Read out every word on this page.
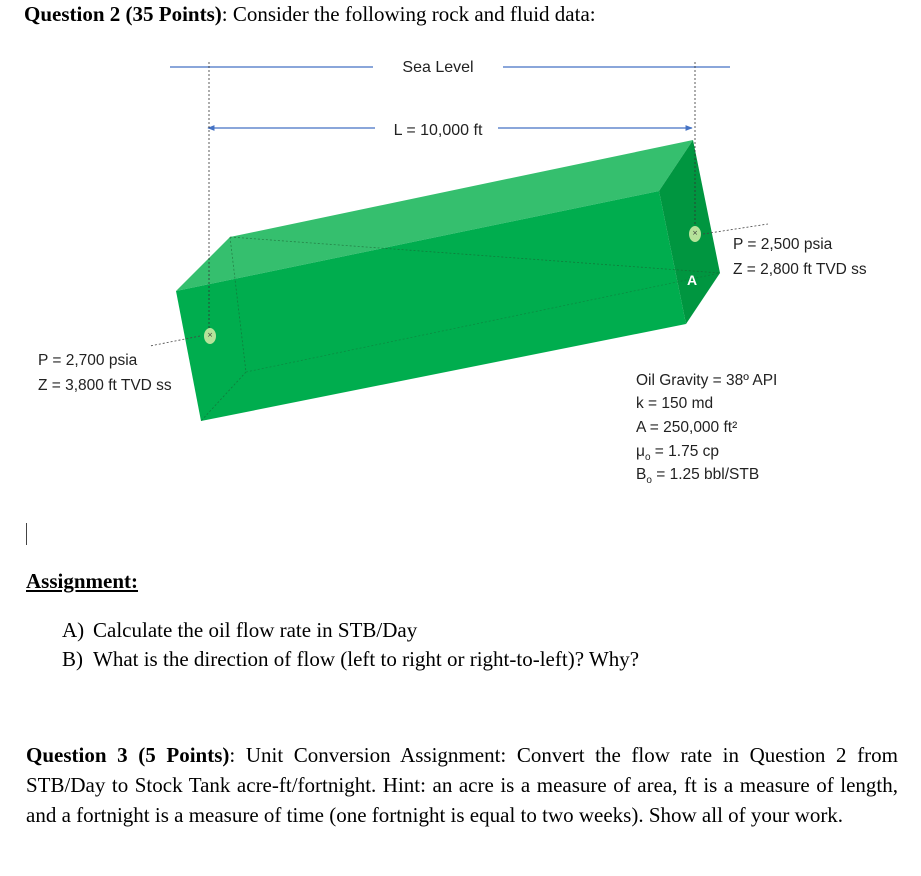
Question 2 (35 Points): Consider the following rock and fluid data:
Sea Level
L = 10,000 ft
×
×
A
P = 2,500 psia
Z = 2,800 ft TVD ss
P = 2,700 psia
Z = 3,800 ft TVD ss	Oil Gravity = 38º API
k = 150 md
A = 250,000 ft²
$\mu_o = 1.75$ cp
$B_o = 1.25$ bbl/STB
Assignment:
A) Calculate the oil flow rate in STB/Day
B) What is the direction of flow (left to right or right-to-left)? Why?
Question 3 (5 Points): Unit Conversion Assignment: Convert the flow rate in Question 2 from STB/Day to Stock Tank acre-ft/fortnight. Hint: an acre is a measure of area, ft is a measure of length, and a fortnight is a measure of time (one fortnight is equal to two weeks). Show all of your work.
